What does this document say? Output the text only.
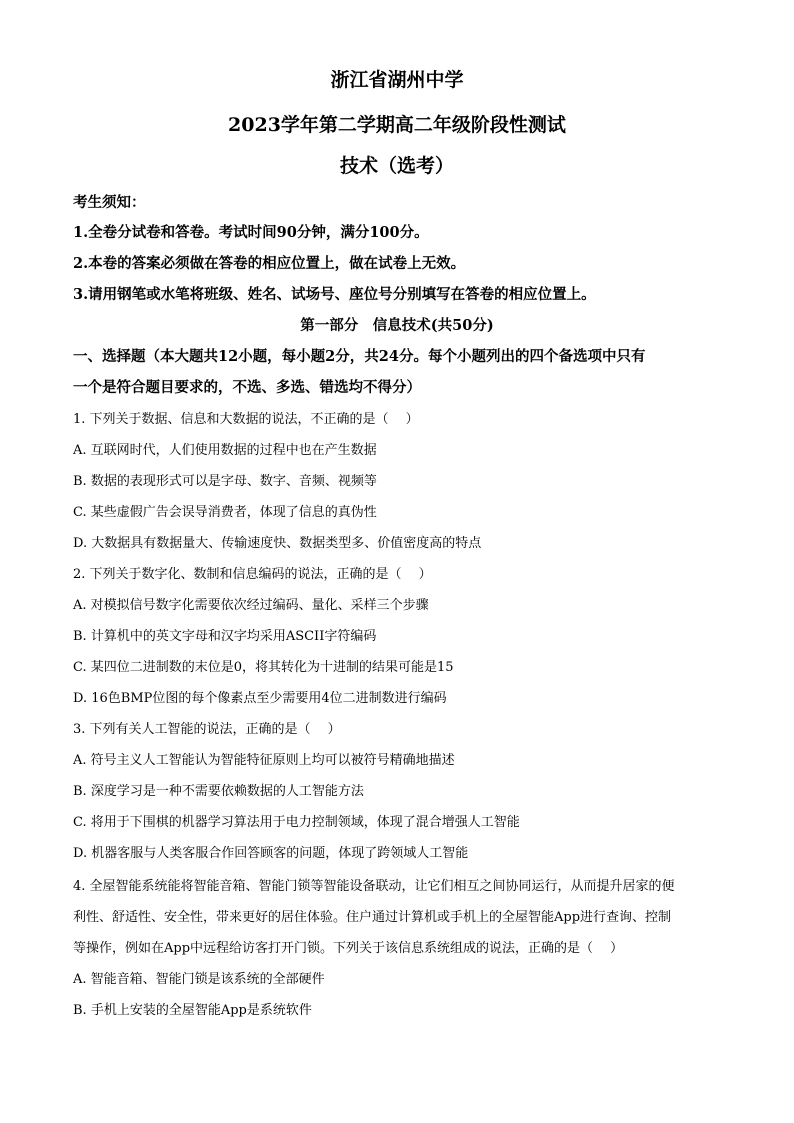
浙江省湖州中学
2023学年第二学期高二年级阶段性测试
技术（选考）
考生须知：
1.全卷分试卷和答卷。考试时间90分钟，满分100分。
2.本卷的答案必须做在答卷的相应位置上，做在试卷上无效。
3.请用钢笔或水笔将班级、姓名、试场号、座位号分别填写在答卷的相应位置上。
第一部分　信息技术(共50分)
一、选择题（本大题共12小题，每小题2分，共24分。每个小题列出的四个备选项中只有
一个是符合题目要求的，不选、多选、错选均不得分）
1. 下列关于数据、信息和大数据的说法，不正确的是（　 ）
A. 互联网时代，人们使用数据的过程中也在产生数据
B. 数据的表现形式可以是字母、数字、音频、视频等
C. 某些虚假广告会误导消费者，体现了信息的真伪性
D. 大数据具有数据量大、传输速度快、数据类型多、价值密度高的特点
2. 下列关于数字化、数制和信息编码的说法，正确的是（　 ）
A. 对模拟信号数字化需要依次经过编码、量化、采样三个步骤
B. 计算机中的英文字母和汉字均采用ASCII字符编码
C. 某四位二进制数的末位是0，将其转化为十进制的结果可能是15
D. 16色BMP位图的每个像素点至少需要用4位二进制数进行编码
3. 下列有关人工智能的说法，正确的是（　 ）
A. 符号主义人工智能认为智能特征原则上均可以被符号精确地描述
B. 深度学习是一种不需要依赖数据的人工智能方法
C. 将用于下围棋的机器学习算法用于电力控制领域，体现了混合增强人工智能
D. 机器客服与人类客服合作回答顾客的问题，体现了跨领域人工智能
4. 全屋智能系统能将智能音箱、智能门锁等智能设备联动，让它们相互之间协同运行，从而提升居家的便
利性、舒适性、安全性，带来更好的居住体验。住户通过计算机或手机上的全屋智能App进行查询、控制
等操作，例如在App中远程给访客打开门锁。下列关于该信息系统组成的说法，正确的是（　 ）
A. 智能音箱、智能门锁是该系统的全部硬件
B. 手机上安装的全屋智能App是系统软件
